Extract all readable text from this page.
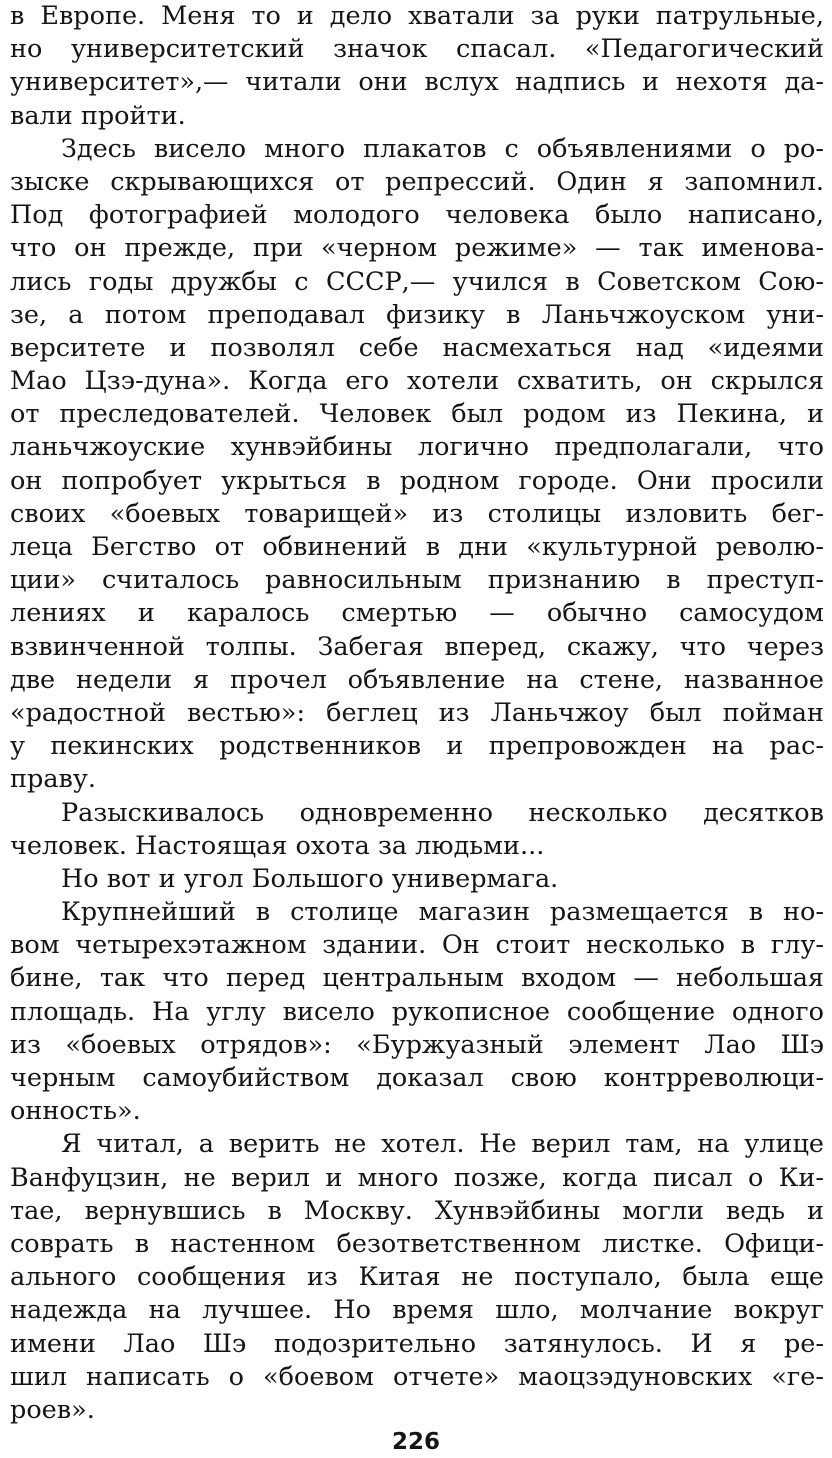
в Европе. Меня то и дело хватали за руки патрульные,
но университетский значок спасал. «Педагогический
университет»,— читали они вслух надпись и нехотя да-
вали пройти.
Здесь висело много плакатов с объявлениями о ро-
зыске скрывающихся от репрессий. Один я запомнил.
Под фотографией молодого человека было написано,
что он прежде, при «черном режиме» — так именова-
лись годы дружбы с СССР,— учился в Советском Сою-
зе, а потом преподавал физику в Ланьчжоуском уни-
верситете и позволял себе насмехаться над «идеями
Мао Цзэ-дуна». Когда его хотели схватить, он скрылся
от преследователей. Человек был родом из Пекина, и
ланьчжоуские хунвэйбины логично предполагали, что
он попробует укрыться в родном городе. Они просили
своих «боевых товарищей» из столицы изловить бег-
леца Бегство от обвинений в дни «культурной револю-
ции» считалось равносильным признанию в преступ-
лениях и каралось смертью — обычно самосудом
взвинченной толпы. Забегая вперед, скажу, что через
две недели я прочел объявление на стене, названное
«радостной вестью»: беглец из Ланьчжоу был пойман
у пекинских родственников и препровожден на рас-
праву.
Разыскивалось одновременно несколько десятков
человек. Настоящая охота за людьми...
Но вот и угол Большого универмага.
Крупнейший в столице магазин размещается в но-
вом четырехэтажном здании. Он стоит несколько в глу-
бине, так что перед центральным входом — небольшая
площадь. На углу висело рукописное сообщение одного
из «боевых отрядов»: «Буржуазный элемент Лао Шэ
черным самоубийством доказал свою контрреволюци-
онность».
Я читал, а верить не хотел. Не верил там, на улице
Ванфуцзин, не верил и много позже, когда писал о Ки-
тае, вернувшись в Москву. Хунвэйбины могли ведь и
соврать в настенном безответственном листке. Офици-
ального сообщения из Китая не поступало, была еще
надежда на лучшее. Но время шло, молчание вокруг
имени Лао Шэ подозрительно затянулось. И я ре-
шил написать о «боевом отчете» маоцзэдуновских «ге-
роев».
226
